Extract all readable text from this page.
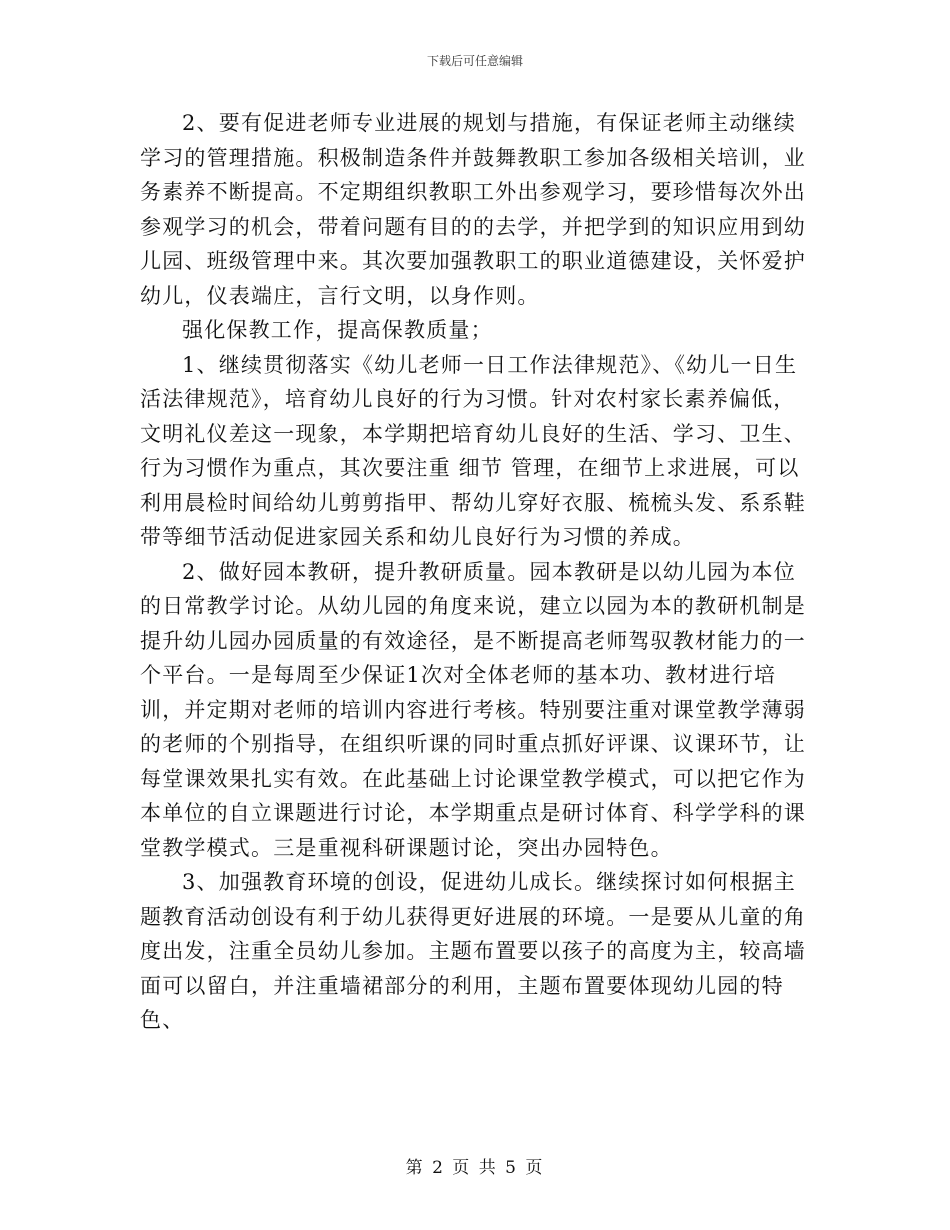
下载后可任意编辑

2、要有促进老师专业进展的规划与措施，有保证老师主动继续学习的管理措施。积极制造条件并鼓舞教职工参加各级相关培训，业务素养不断提高。不定期组织教职工外出参观学习，要珍惜每次外出参观学习的机会，带着问题有目的的去学，并把学到的知识应用到幼儿园、班级管理中来。其次要加强教职工的职业道德建设，关怀爱护幼儿，仪表端庄，言行文明，以身作则。

强化保教工作，提高保教质量；

1、继续贯彻落实《幼儿老师一日工作法律规范》、《幼儿一日生活法律规范》，培育幼儿良好的行为习惯。针对农村家长素养偏低，文明礼仪差这一现象，本学期把培育幼儿良好的生活、学习、卫生、行为习惯作为重点，其次要注重 细节 管理，在细节上求进展，可以利用晨检时间给幼儿剪剪指甲、帮幼儿穿好衣服、梳梳头发、系系鞋带等细节活动促进家园关系和幼儿良好行为习惯的养成。

2、做好园本教研，提升教研质量。园本教研是以幼儿园为本位的日常教学讨论。从幼儿园的角度来说，建立以园为本的教研机制是提升幼儿园办园质量的有效途径，是不断提高老师驾驭教材能力的一个平台。一是每周至少保证1次对全体老师的基本功、教材进行培训，并定期对老师的培训内容进行考核。特别要注重对课堂教学薄弱的老师的个别指导，在组织听课的同时重点抓好评课、议课环节，让每堂课效果扎实有效。在此基础上讨论课堂教学模式，可以把它作为本单位的自立课题进行讨论，本学期重点是研讨体育、科学学科的课堂教学模式。三是重视科研课题讨论，突出办园特色。

3、加强教育环境的创设，促进幼儿成长。继续探讨如何根据主题教育活动创设有利于幼儿获得更好进展的环境。一是要从儿童的角度出发，注重全员幼儿参加。主题布置要以孩子的高度为主，较高墙面可以留白，并注重墙裙部分的利用，主题布置要体现幼儿园的特色、

第 2 页 共 5 页
